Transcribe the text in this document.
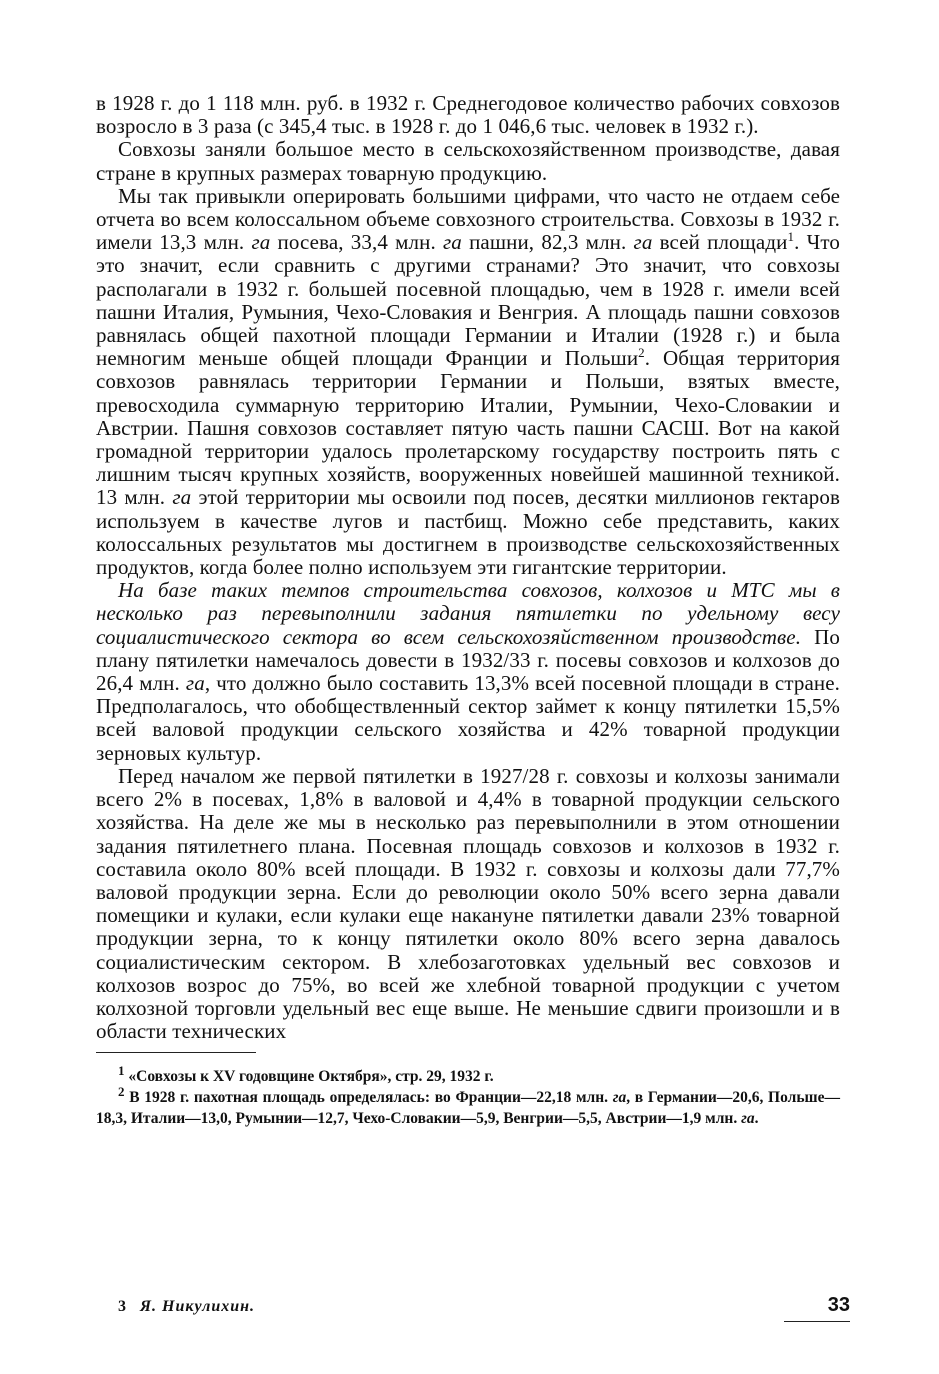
в 1928 г. до 1 118 млн. руб. в 1932 г. Среднегодовое количество рабочих совхозов возросло в 3 раза (с 345,4 тыс. в 1928 г. до 1 046,6 тыс. человек в 1932 г.).

Совхозы заняли большое место в сельскохозяйственном производстве, давая стране в крупных размерах товарную продукцию.

Мы так привыкли оперировать большими цифрами, что часто не отдаем себе отчета во всем колоссальном объеме совхозного строительства. Совхозы в 1932 г. имели 13,3 млн. га посева, 33,4 млн. га пашни, 82,3 млн. га всей площади$^1$. Что это значит, если сравнить с другими странами? Это значит, что совхозы располагали в 1932 г. большей посевной площадью, чем в 1928 г. имели всей пашни Италия, Румыния, Чехо-Словакия и Венгрия. А площадь пашни совхозов равнялась общей пахотной площади Германии и Италии (1928 г.) и была немногим меньше общей площади Франции и Польши$^2$. Общая территория совхозов равнялась территории Германии и Польши, взятых вместе, превосходила суммарную территорию Италии, Румынии, Чехо-Словакии и Австрии. Пашня совхозов составляет пятую часть пашни САСШ. Вот на какой громадной территории удалось пролетарскому государству построить пять с лишним тысяч крупных хозяйств, вооруженных новейшей машинной техникой. 13 млн. га этой территории мы освоили под посев, десятки миллионов гектаров используем в качестве лугов и пастбищ. Можно себе представить, каких колоссальных результатов мы достигнем в производстве сельскохозяйственных продуктов, когда более полно используем эти гигантские территории.

На базе таких темпов строительства совхозов, колхозов и МТС мы в несколько раз перевыполнили задания пятилетки по удельному весу социалистического сектора во всем сельскохозяйственном производстве. По плану пятилетки намечалось довести в 1932/33 г. посевы совхозов и колхозов до 26,4 млн. га, что должно было составить 13,3% всей посевной площади в стране. Предполагалось, что обобществленный сектор займет к концу пятилетки 15,5% всей валовой продукции сельского хозяйства и 42% товарной продукции зерновых культур.

Перед началом же первой пятилетки в 1927/28 г. совхозы и колхозы занимали всего 2% в посевах, 1,8% в валовой и 4,4% в товарной продукции сельского хозяйства. На деле же мы в несколько раз перевыполнили в этом отношении задания пятилетнего плана. Посевная площадь совхозов и колхозов в 1932 г. составила около 80% всей площади. В 1932 г. совхозы и колхозы дали 77,7% валовой продукции зерна. Если до революции около 50% всего зерна давали помещики и кулаки, если кулаки еще накануне пятилетки давали 23% товарной продукции зерна, то к концу пятилетки около 80% всего зерна давалось социалистическим сектором. В хлебозаготовках удельный вес совхозов и колхозов возрос до 75%, во всей же хлебной товарной продукции с учетом колхозной торговли удельный вес еще выше. Не меньшие сдвиги произошли и в области технических

$^1$ «Совхозы к XV годовщине Октября», стр. 29, 1932 г.

$^2$ В 1928 г. пахотная площадь определялась: во Франции—22,18 млн. га, в Германии—20,6, Польше—18,3, Италии—13,0, Румынии—12,7, Чехо-Словакии—5,9, Венгрии—5,5, Австрии—1,9 млн. га.

3 Я. Никулихин.	33
